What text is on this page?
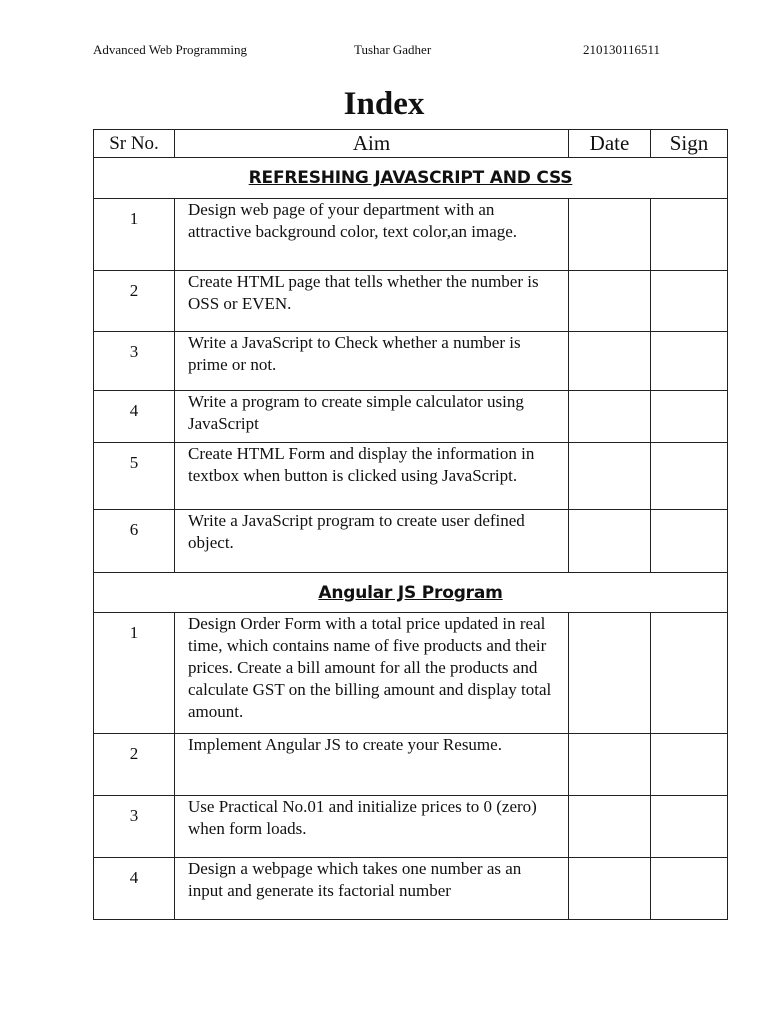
Advanced Web Programming	Tushar Gadher	210130116511
Index
Sr No.	Aim	Date	Sign
REFRESHING JAVASCRIPT AND CSS			
1	Design web page of your department with an attractive background color, text color,an image.		
2	Create HTML page that tells whether the number is OSS or EVEN.		
3	Write a JavaScript to Check whether a number is prime or not.		
4	Write a program to create simple calculator using JavaScript		
5	Create HTML Form and display the information in textbox when button is clicked using JavaScript.		
6	Write a JavaScript program to create user defined object.		
Angular JS Program			
1	Design Order Form with a total price updated in real time, which contains name of five products and their prices. Create a bill amount for all the products and calculate GST on the billing amount and display total amount.		
2	Implement Angular JS to create your Resume.		
3	Use Practical No.01 and initialize prices to 0 (zero) when form loads.		
4	Design a webpage which takes one number as an input and generate its factorial number		
